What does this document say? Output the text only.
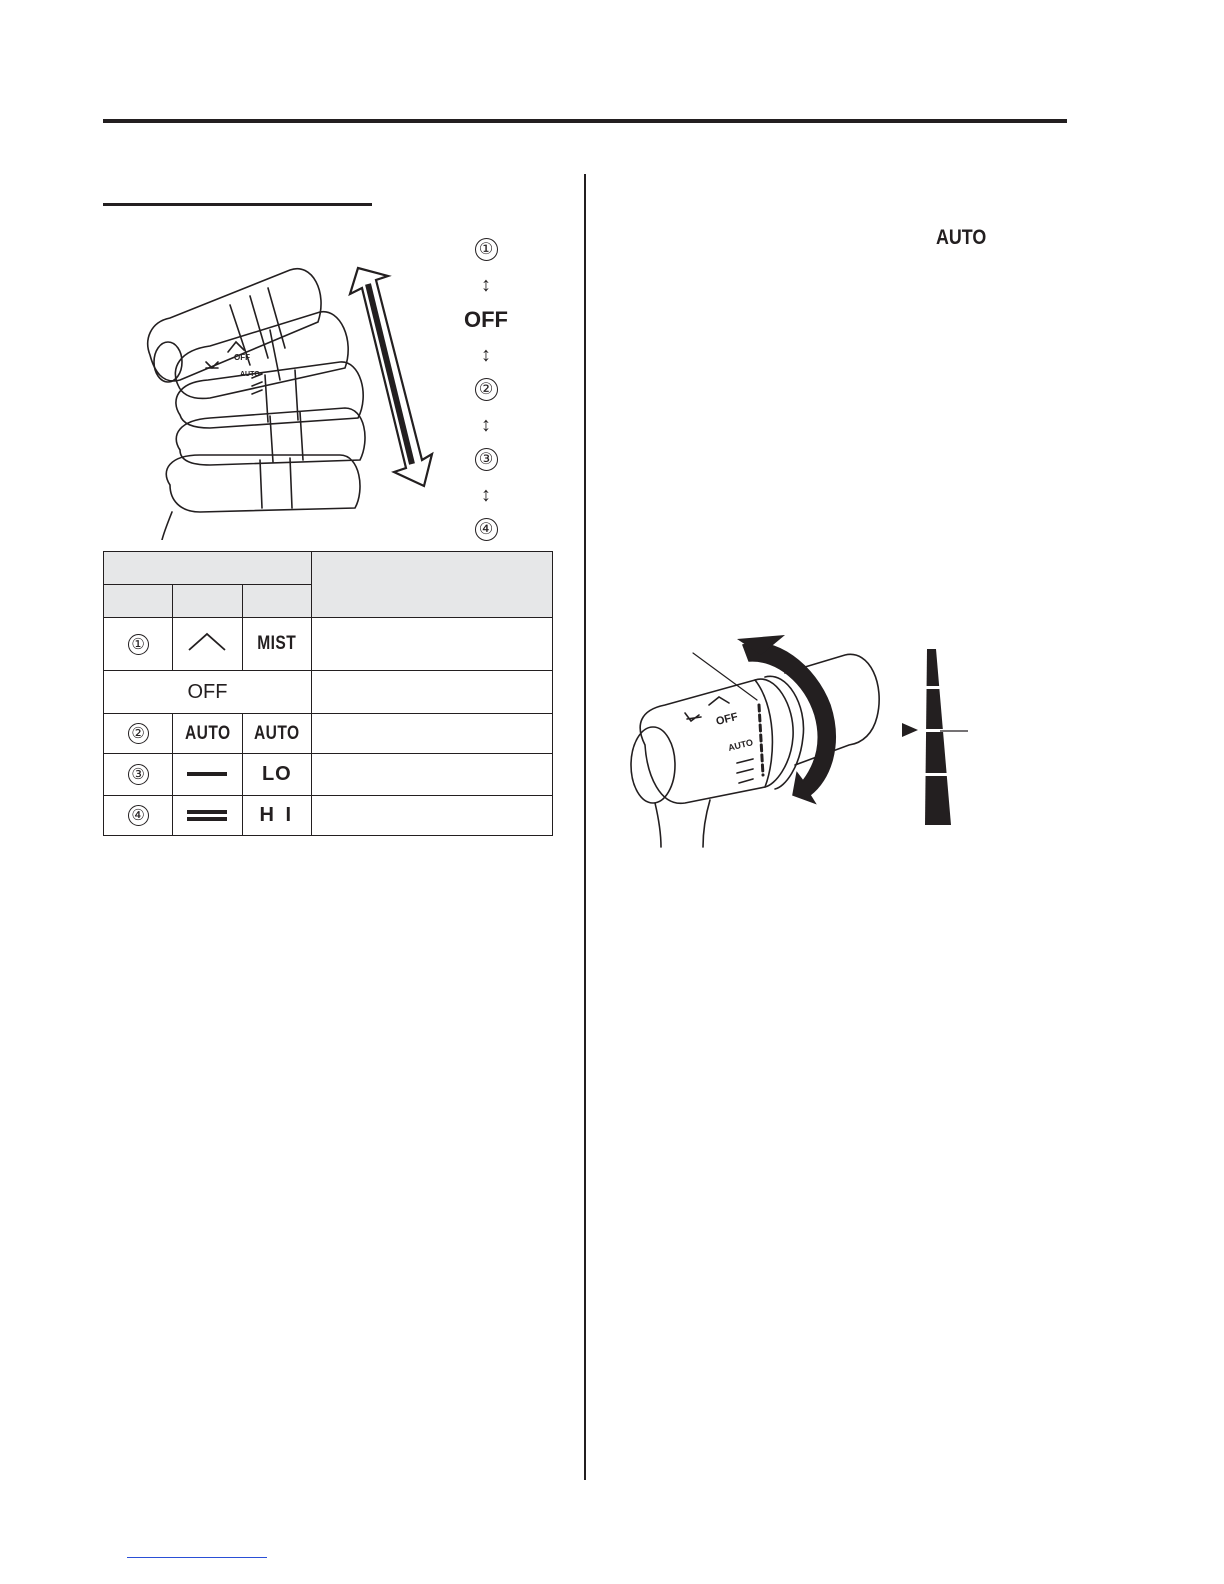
OFF
AUTO
①
↕
OFF
↕
②
↕
③
↕
④

①		MIST	
OFF			
②	AUTO	AUTO	
③		LO	
④		H I	
AUTO
OFF
AUTO
